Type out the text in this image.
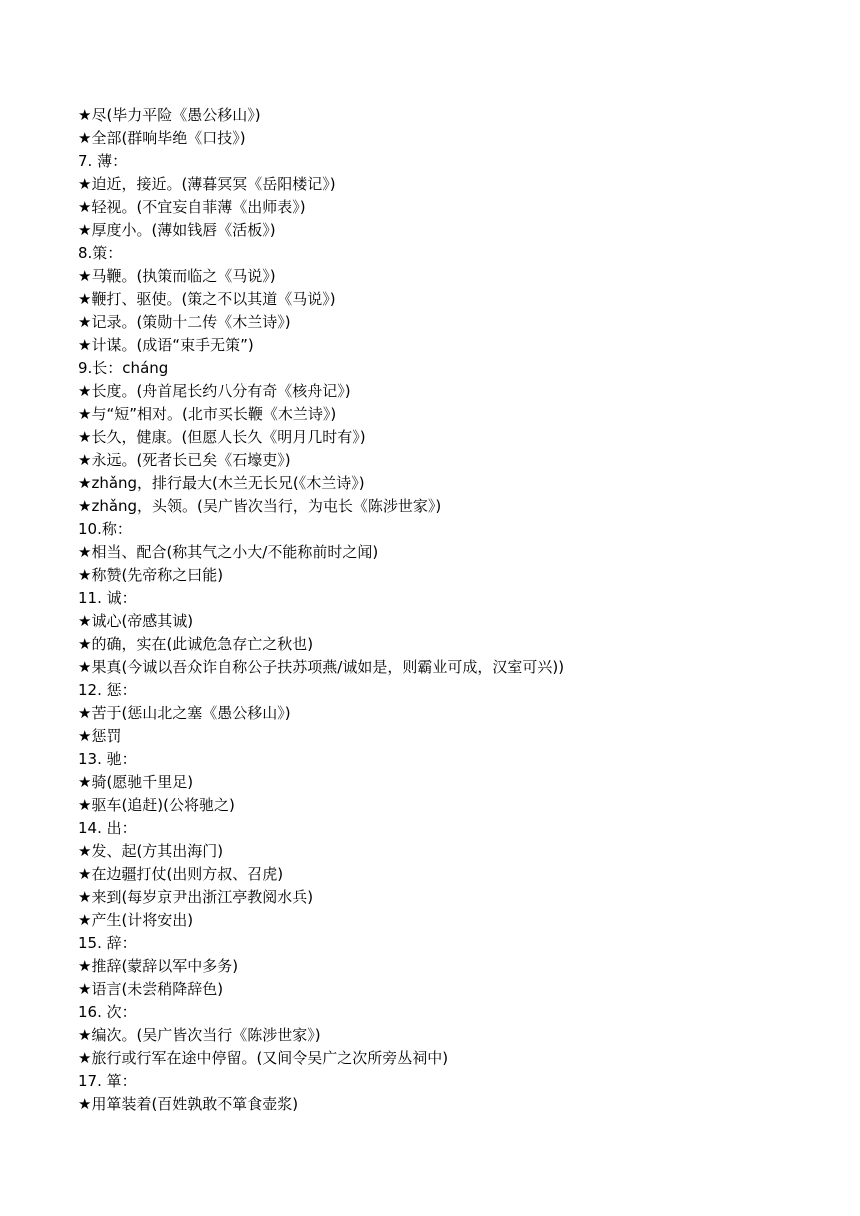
★尽(毕力平险《愚公移山》)
★全部(群响毕绝《口技》)
7. 薄：
★迫近，接近。(薄暮冥冥《岳阳楼记》)
★轻视。(不宜妄自菲薄《出师表》)
★厚度小。(薄如钱唇《活板》)
8.策：
★马鞭。(执策而临之《马说》)
★鞭打、驱使。(策之不以其道《马说》)
★记录。(策勋十二传《木兰诗》)
★计谋。(成语“束手无策”)
9.长：cháng
★长度。(舟首尾长约八分有奇《核舟记》)
★与“短”相对。(北市买长鞭《木兰诗》)
★长久，健康。(但愿人长久《明月几时有》)
★永远。(死者长已矣《石壕吏》)
★zhǎng，排行最大(木兰无长兄(《木兰诗》)
★zhǎng，头领。(吴广皆次当行，为屯长《陈涉世家》)
10.称：
★相当、配合(称其气之小大/不能称前时之闻)
★称赞(先帝称之曰能)
11. 诚：
★诚心(帝感其诚)
★的确，实在(此诚危急存亡之秋也)
★果真(今诚以吾众诈自称公子扶苏项燕/诚如是，则霸业可成，汉室可兴))
12. 惩：
★苦于(惩山北之塞《愚公移山》)
★惩罚
13. 驰：
★骑(愿驰千里足)
★驱车(追赶)(公将驰之)
14. 出：
★发、起(方其出海门)
★在边疆打仗(出则方叔、召虎)
★来到(每岁京尹出浙江亭教阅水兵)
★产生(计将安出)
15. 辞：
★推辞(蒙辞以军中多务)
★语言(未尝稍降辞色)
16. 次：
★编次。(吴广皆次当行《陈涉世家》)
★旅行或行军在途中停留。(又间令吴广之次所旁丛祠中)
17. 箪：
★用箪装着(百姓孰敢不箪食壶浆)
